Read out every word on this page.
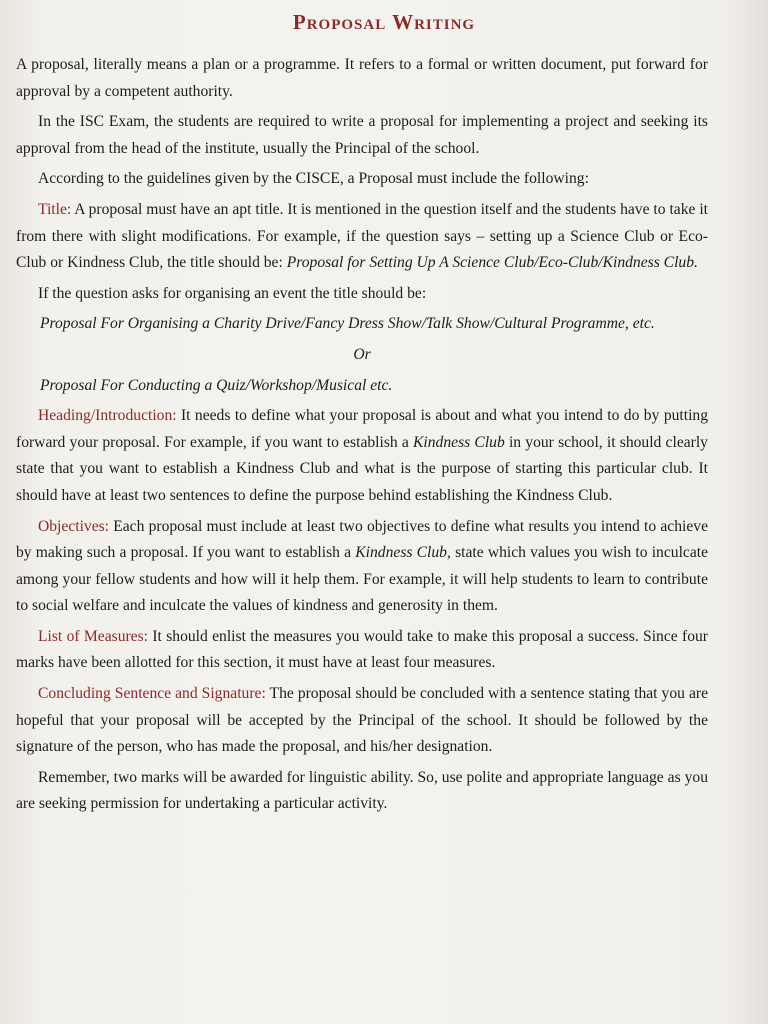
Proposal Writing

A proposal, literally means a plan or a programme. It refers to a formal or written document, put forward for approval by a competent authority.

In the ISC Exam, the students are required to write a proposal for implementing a project and seeking its approval from the head of the institute, usually the Principal of the school.

According to the guidelines given by the CISCE, a Proposal must include the following:

Title: A proposal must have an apt title. It is mentioned in the question itself and the students have to take it from there with slight modifications. For example, if the question says – setting up a Science Club or Eco-Club or Kindness Club, the title should be: Proposal for Setting Up A Science Club/Eco-Club/Kindness Club.

If the question asks for organising an event the title should be:

Proposal For Organising a Charity Drive/Fancy Dress Show/Talk Show/Cultural Programme, etc.

Or

Proposal For Conducting a Quiz/Workshop/Musical etc.

Heading/Introduction: It needs to define what your proposal is about and what you intend to do by putting forward your proposal. For example, if you want to establish a Kindness Club in your school, it should clearly state that you want to establish a Kindness Club and what is the purpose of starting this particular club. It should have at least two sentences to define the purpose behind establishing the Kindness Club.

Objectives: Each proposal must include at least two objectives to define what results you intend to achieve by making such a proposal. If you want to establish a Kindness Club, state which values you wish to inculcate among your fellow students and how will it help them. For example, it will help students to learn to contribute to social welfare and inculcate the values of kindness and generosity in them.

List of Measures: It should enlist the measures you would take to make this proposal a success. Since four marks have been allotted for this section, it must have at least four measures.

Concluding Sentence and Signature: The proposal should be concluded with a sentence stating that you are hopeful that your proposal will be accepted by the Principal of the school. It should be followed by the signature of the person, who has made the proposal, and his/her designation.

Remember, two marks will be awarded for linguistic ability. So, use polite and appropriate language as you are seeking permission for undertaking a particular activity.
